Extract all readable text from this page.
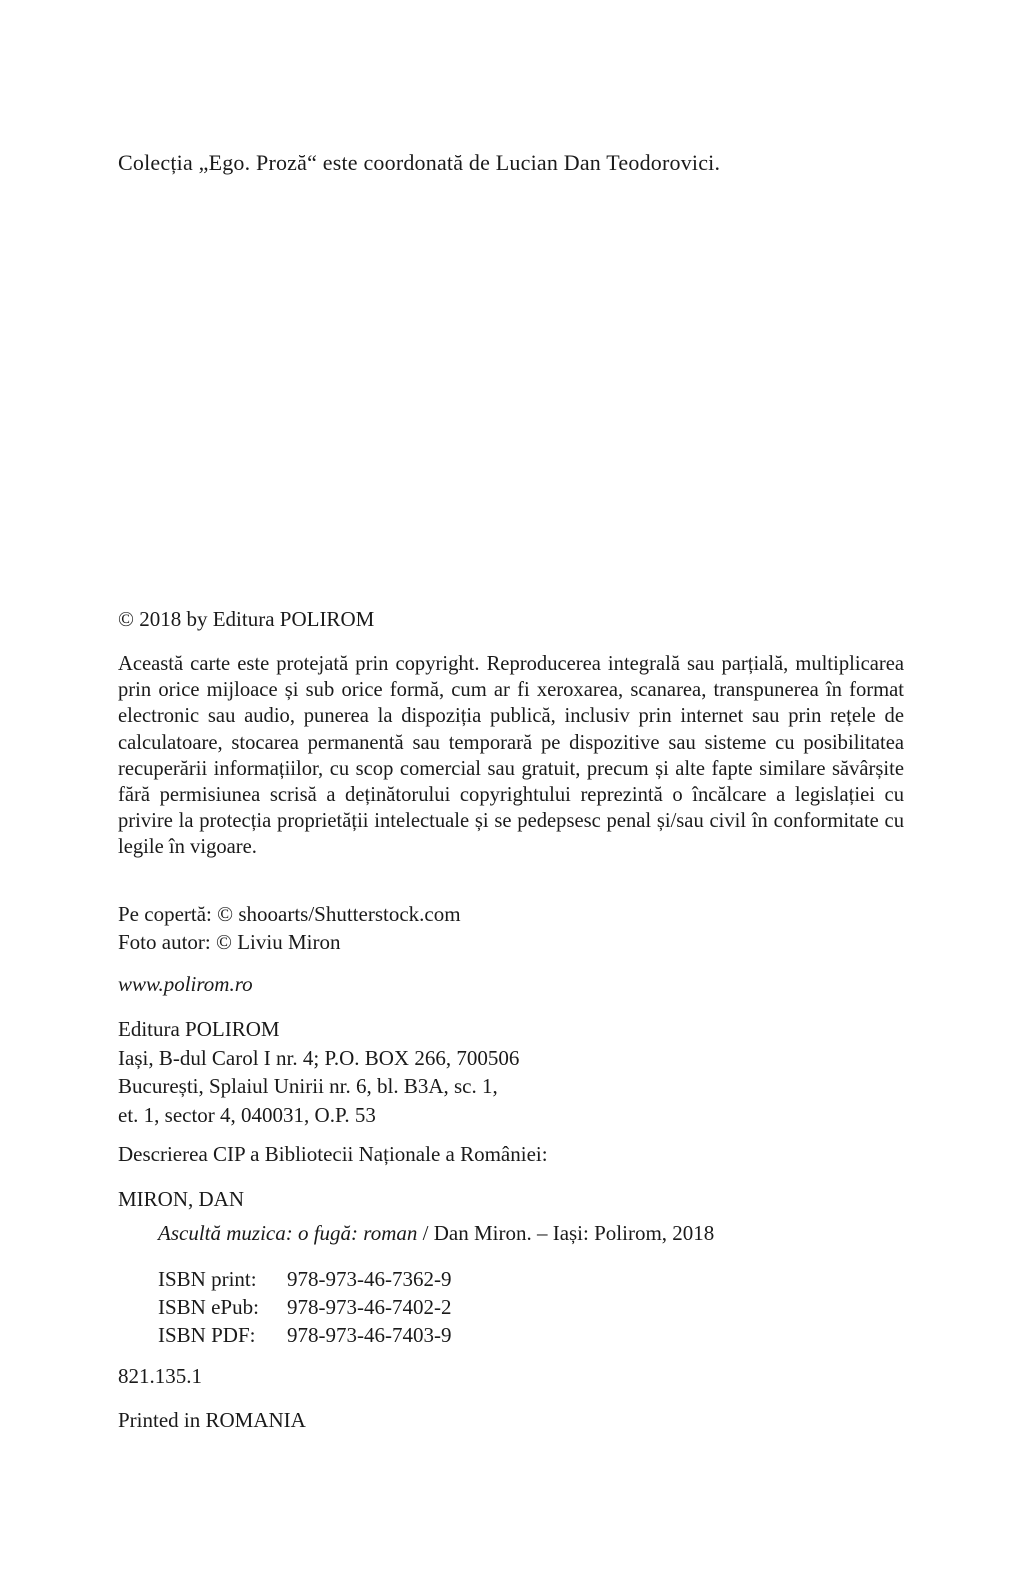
Colecția „Ego. Proză“ este coordonată de Lucian Dan Teodorovici.

© 2018 by Editura POLIROM

Această carte este protejată prin copyright. Reproducerea integrală sau parțială, multiplicarea prin orice mijloace și sub orice formă, cum ar fi xeroxarea, scanarea, transpunerea în format electronic sau audio, punerea la dispoziția publică, inclusiv prin internet sau prin rețele de calculatoare, stocarea permanentă sau temporară pe dispozitive sau sisteme cu posibilitatea recuperării informațiilor, cu scop comercial sau gratuit, precum și alte fapte similare săvârșite fără permisiunea scrisă a deținătorului copyrightului reprezintă o încălcare a legislației cu privire la protecția proprietății intelectuale și se pedepsesc penal și/sau civil în conformitate cu legile în vigoare.

Pe copertă: © shooarts/Shutterstock.com
Foto autor: © Liviu Miron
www.polirom.ro
Editura POLIROM
Iași, B-dul Carol I nr. 4; P.O. BOX 266, 700506
București, Splaiul Unirii nr. 6, bl. B3A, sc. 1,
et. 1, sector 4, 040031, O.P. 53
Descrierea CIP a Bibliotecii Naționale a României:
MIRON, DAN
Ascultă muzica: o fugă: roman / Dan Miron. – Iași: Polirom, 2018
ISBN print:	978-973-46-7362-9
ISBN ePub:	978-973-46-7402-2
ISBN PDF:	978-973-46-7403-9
821.135.1
Printed in ROMANIA
